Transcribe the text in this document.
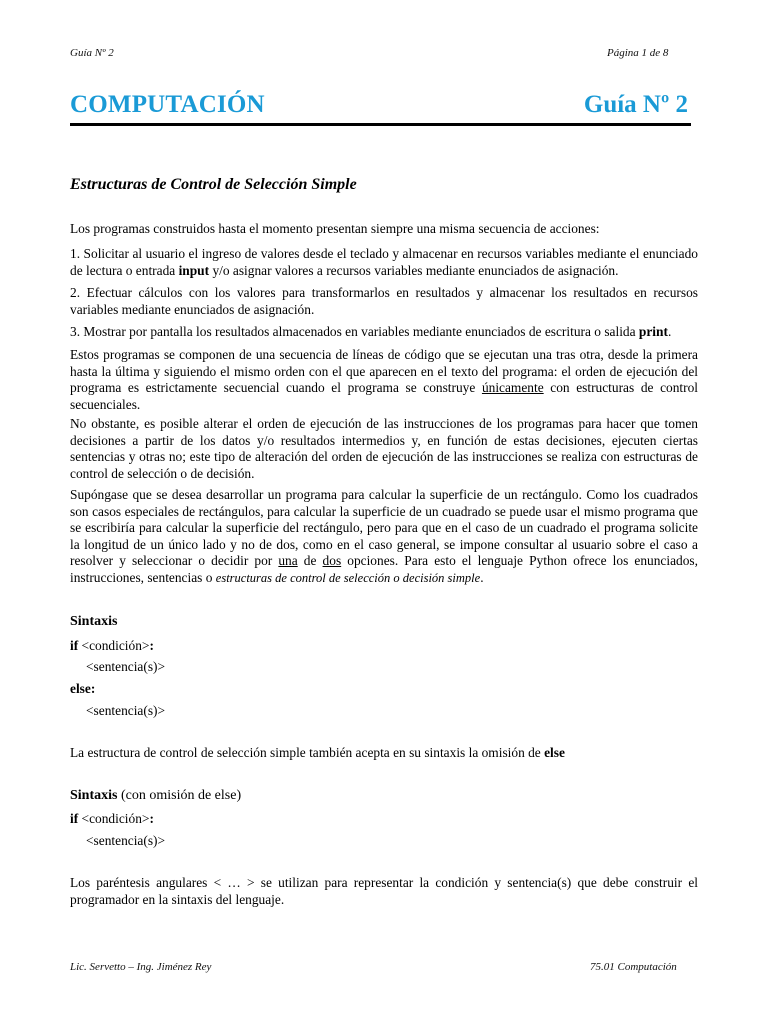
Guía Nº 2	Página 1 de 8
COMPUTACIÓN	Guía Nº 2
Estructuras de Control de Selección Simple

Los programas construidos hasta el momento presentan siempre una misma secuencia de acciones:

1. Solicitar al usuario el ingreso de valores desde el teclado y almacenar en recursos variables mediante el enunciado de lectura o entrada input y/o asignar valores a recursos variables mediante enunciados de asignación.

2. Efectuar cálculos con los valores para transformarlos en resultados y almacenar los resultados en recursos variables mediante enunciados de asignación.

3. Mostrar por pantalla los resultados almacenados en variables mediante enunciados de escritura o salida print.

Estos programas se componen de una secuencia de líneas de código que se ejecutan una tras otra, desde la primera hasta la última y siguiendo el mismo orden con el que aparecen en el texto del programa: el orden de ejecución del programa es estrictamente secuencial cuando el programa se construye únicamente con estructuras de control secuenciales.

No obstante, es posible alterar el orden de ejecución de las instrucciones de los programas para hacer que tomen decisiones a partir de los datos y/o resultados intermedios y, en función de estas decisiones, ejecuten ciertas sentencias y otras no; este tipo de alteración del orden de ejecución de las instrucciones se realiza con estructuras de control de selección o de decisión.

Supóngase que se desea desarrollar un programa para calcular la superficie de un rectángulo. Como los cuadrados son casos especiales de rectángulos, para calcular la superficie de un cuadrado se puede usar el mismo programa que se escribiría para calcular la superficie del rectángulo, pero para que en el caso de un cuadrado el programa solicite la longitud de un único lado y no de dos, como en el caso general, se impone consultar al usuario sobre el caso a resolver y seleccionar o decidir por una de dos opciones. Para esto el lenguaje Python ofrece los enunciados, instrucciones, sentencias o estructuras de control de selección o decisión simple.

Sintaxis
if <condición>:
<sentencia(s)>
else:
<sentencia(s)>

La estructura de control de selección simple también acepta en su sintaxis la omisión de else

Sintaxis (con omisión de else)
if <condición>:
<sentencia(s)>

Los paréntesis angulares < … > se utilizan para representar la condición y sentencia(s) que debe construir el programador en la sintaxis del lenguaje.

Lic. Servetto – Ing. Jiménez Rey	75.01 Computación
